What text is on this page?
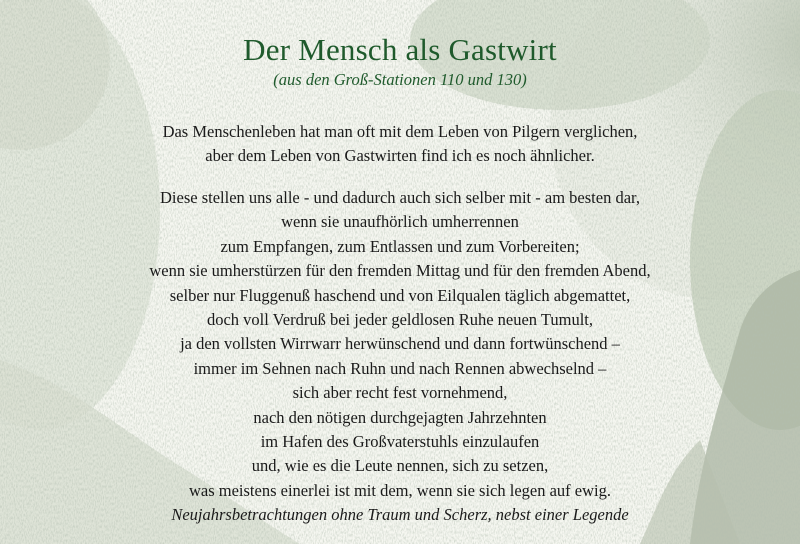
Der Mensch als Gastwirt
(aus den Groß-Stationen 110 und 130)
Das Menschenleben hat man oft mit dem Leben von Pilgern verglichen,
aber dem Leben von Gastwirten find ich es noch ähnlicher.
Diese stellen uns alle - und dadurch auch sich selber mit - am besten dar,
wenn sie unaufhörlich umherrennen
zum Empfangen, zum Entlassen und zum Vorbereiten;
wenn sie umherstürzen für den fremden Mittag und für den fremden Abend,
selber nur Fluggenuß haschend und von Eilqualen täglich abgemattet,
doch voll Verdruß bei jeder geldlosen Ruhe neuen Tumult,
ja den vollsten Wirrwarr herwünschend und dann fortwünschend –
immer im Sehnen nach Ruhn und nach Rennen abwechselnd –
sich aber recht fest vornehmend,
nach den nötigen durchgejagten Jahrzehnten
im Hafen des Großvaterstuhls einzulaufen
und, wie es die Leute nennen, sich zu setzen,
was meistens einerlei ist mit dem, wenn sie sich legen auf ewig.
Neujahrsbetrachtungen ohne Traum und Scherz, nebst einer Legende
